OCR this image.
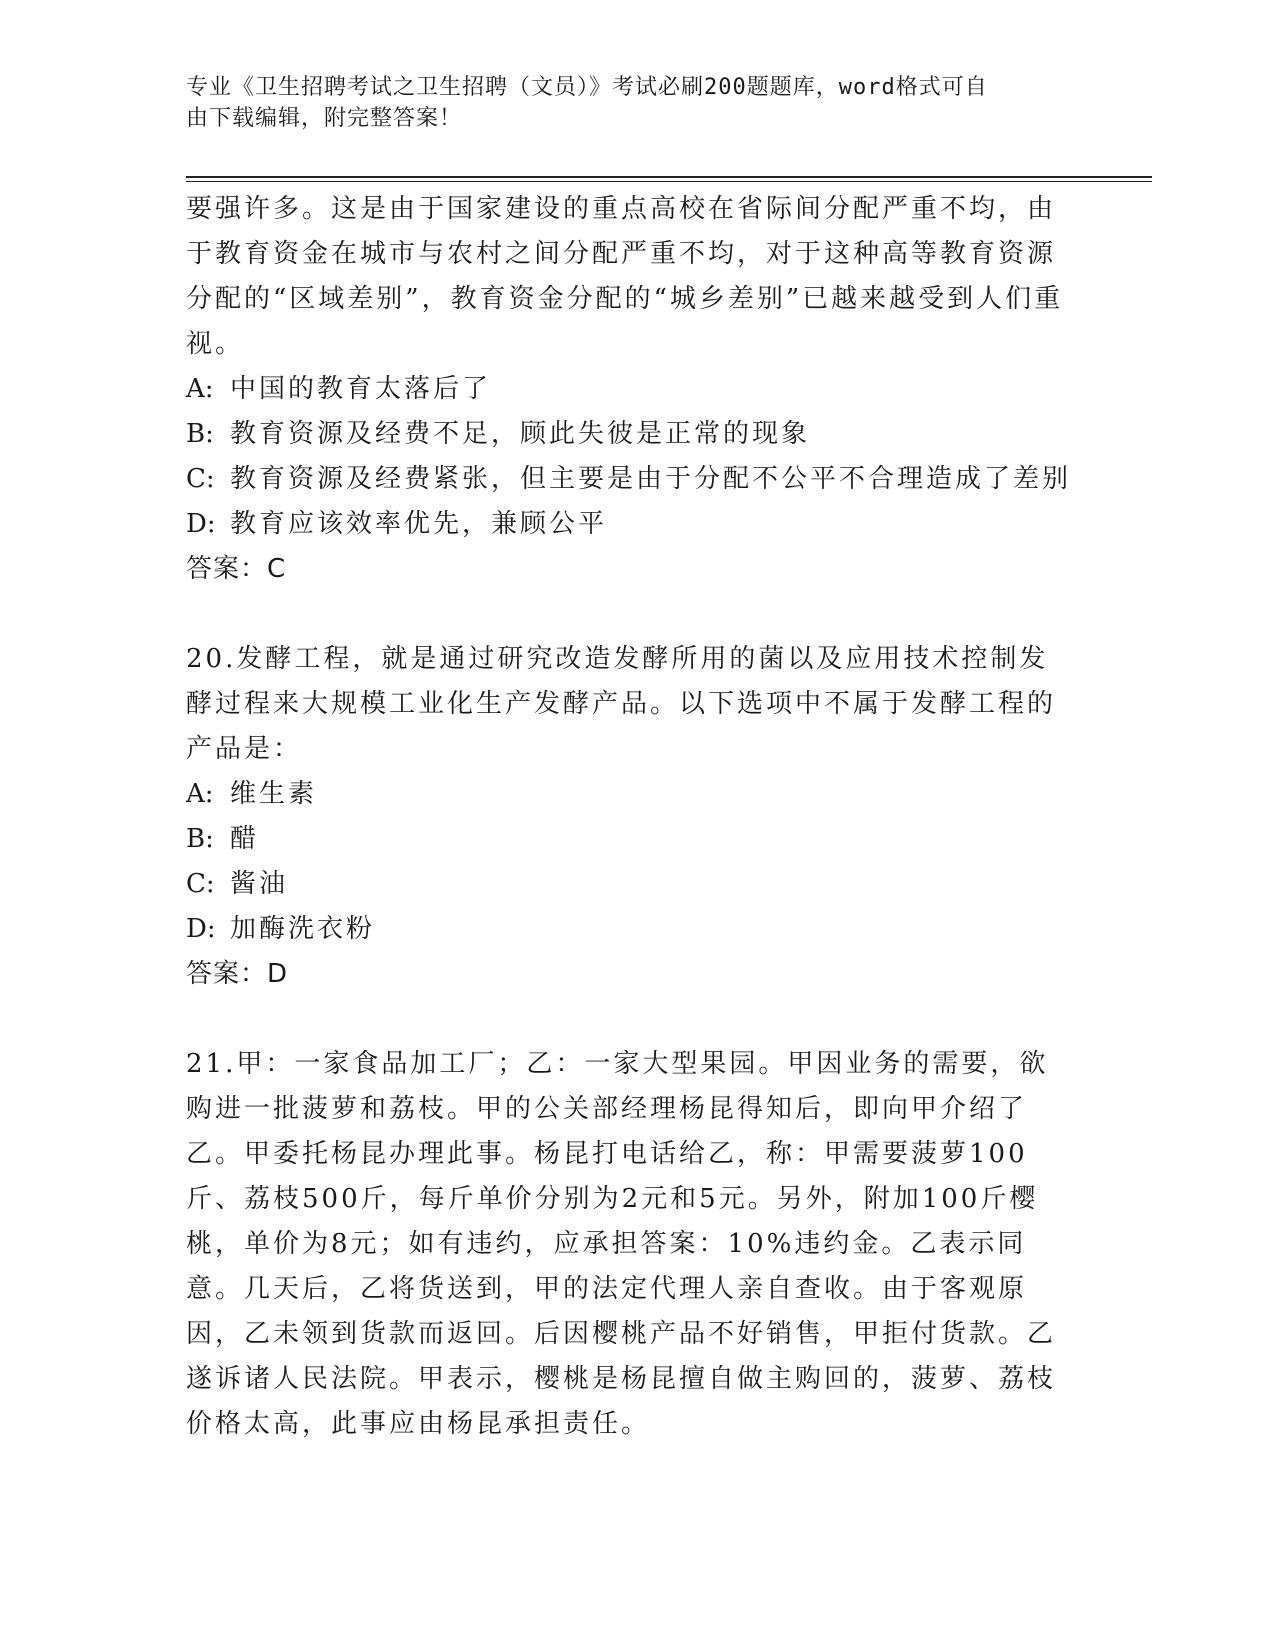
专业《卫生招聘考试之卫生招聘（文员）》考试必刷200题题库，word格式可自
由下载编辑，附完整答案！

要强许多。这是由于国家建设的重点高校在省际间分配严重不均，由于教育资金在城市与农村之间分配严重不均，对于这种高等教育资源分配的“区域差别”，教育资金分配的“城乡差别”已越来越受到人们重视。

A: 中国的教育太落后了

B: 教育资源及经费不足，顾此失彼是正常的现象

C: 教育资源及经费紧张，但主要是由于分配不公平不合理造成了差别

D: 教育应该效率优先，兼顾公平

答案：C

20.发酵工程，就是通过研究改造发酵所用的菌以及应用技术控制发酵过程来大规模工业化生产发酵产品。以下选项中不属于发酵工程的产品是：

A: 维生素

B: 醋

C: 酱油

D: 加酶洗衣粉

答案：D

21.甲：一家食品加工厂；乙：一家大型果园。甲因业务的需要，欲购进一批菠萝和荔枝。甲的公关部经理杨昆得知后，即向甲介绍了乙。甲委托杨昆办理此事。杨昆打电话给乙，称：甲需要菠萝100斤、荔枝500斤，每斤单价分别为2元和5元。另外，附加100斤樱桃，单价为8元；如有违约，应承担答案：10%违约金。乙表示同意。几天后，乙将货送到，甲的法定代理人亲自查收。由于客观原因，乙未领到货款而返回。后因樱桃产品不好销售，甲拒付货款。乙遂诉诸人民法院。甲表示，樱桃是杨昆擅自做主购回的，菠萝、荔枝价格太高，此事应由杨昆承担责任。
